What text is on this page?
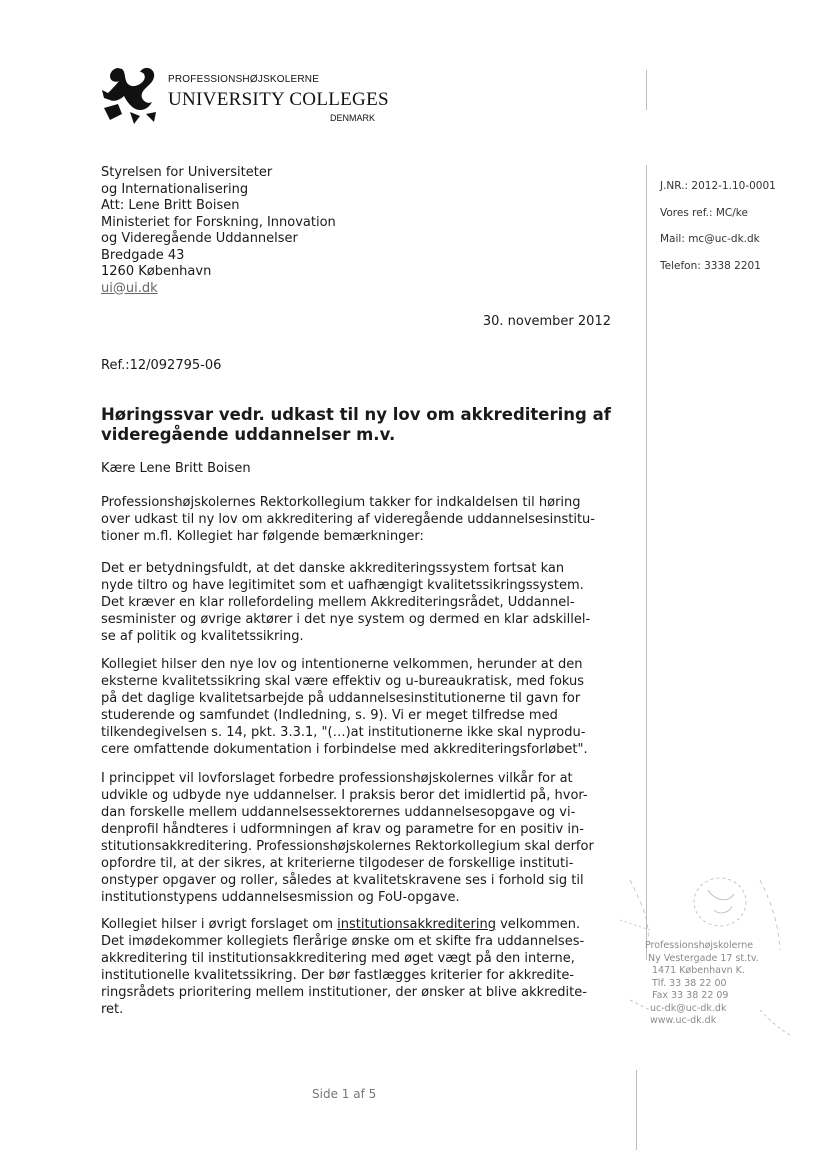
PROFESSIONSHØJSKOLERNE
UNIVERSITY COLLEGES
DENMARK
Styrelsen for Universiteter
og Internationalisering
Att: Lene Britt Boisen
Ministeriet for Forskning, Innovation
og Videregående Uddannelser
Bredgade 43
1260 København
ui@ui.dk
J.NR.: 2012-1.10-0001
Vores ref.: MC/ke
Mail: mc@uc-dk.dk
Telefon: 3338 2201
30. november 2012
Ref.:12/092795-06
Høringssvar vedr. udkast til ny lov om akkreditering af
videregående uddannelser m.v.
Kære Lene Britt Boisen
Professionshøjskolernes Rektorkollegium takker for indkaldelsen til høring
over udkast til ny lov om akkreditering af videregående uddannelsesinstitu-
tioner m.fl. Kollegiet har følgende bemærkninger:
Det er betydningsfuldt, at det danske akkrediteringssystem fortsat kan
nyde tiltro og have legitimitet som et uafhængigt kvalitetssikringssystem.
Det kræver en klar rollefordeling mellem Akkrediteringsrådet, Uddannel-
sesminister og øvrige aktører i det nye system og dermed en klar adskillel-
se af politik og kvalitetssikring.
Kollegiet hilser den nye lov og intentionerne velkommen, herunder at den
eksterne kvalitetssikring skal være effektiv og u-bureaukratisk, med fokus
på det daglige kvalitetsarbejde på uddannelsesinstitutionerne til gavn for
studerende og samfundet (Indledning, s. 9). Vi er meget tilfredse med
tilkendegivelsen s. 14, pkt. 3.3.1, "(…)at institutionerne ikke skal nyprodu-
cere omfattende dokumentation i forbindelse med akkrediteringsforløbet".
I princippet vil lovforslaget forbedre professionshøjskolernes vilkår for at
udvikle og udbyde nye uddannelser. I praksis beror det imidlertid på, hvor-
dan forskelle mellem uddannelsessektorernes uddannelsesopgave og vi-
denprofil håndteres i udformningen af krav og parametre for en positiv in-
stitutionsakkreditering. Professionshøjskolernes Rektorkollegium skal derfor
opfordre til, at der sikres, at kriterierne tilgodeser de forskellige instituti-
onstyper opgaver og roller, således at kvalitetskravene ses i forhold sig til
institutionstypens uddannelsesmission og FoU-opgave.
Kollegiet hilser i øvrigt forslaget om institutionsakkreditering velkommen.
Det imødekommer kollegiets flerårige ønske om et skifte fra uddannelses-
akkreditering til institutionsakkreditering med øget vægt på den interne,
institutionelle kvalitetssikring. Der bør fastlægges kriterier for akkredite-
ringsrådets prioritering mellem institutioner, der ønsker at blive akkredite-
ret.
Professionshøjskolerne
Ny Vestergade 17 st.tv.
1471 København K.
Tlf. 33 38 22 00
Fax 33 38 22 09
uc-dk@uc-dk.dk
www.uc-dk.dk
Side 1 af 5
